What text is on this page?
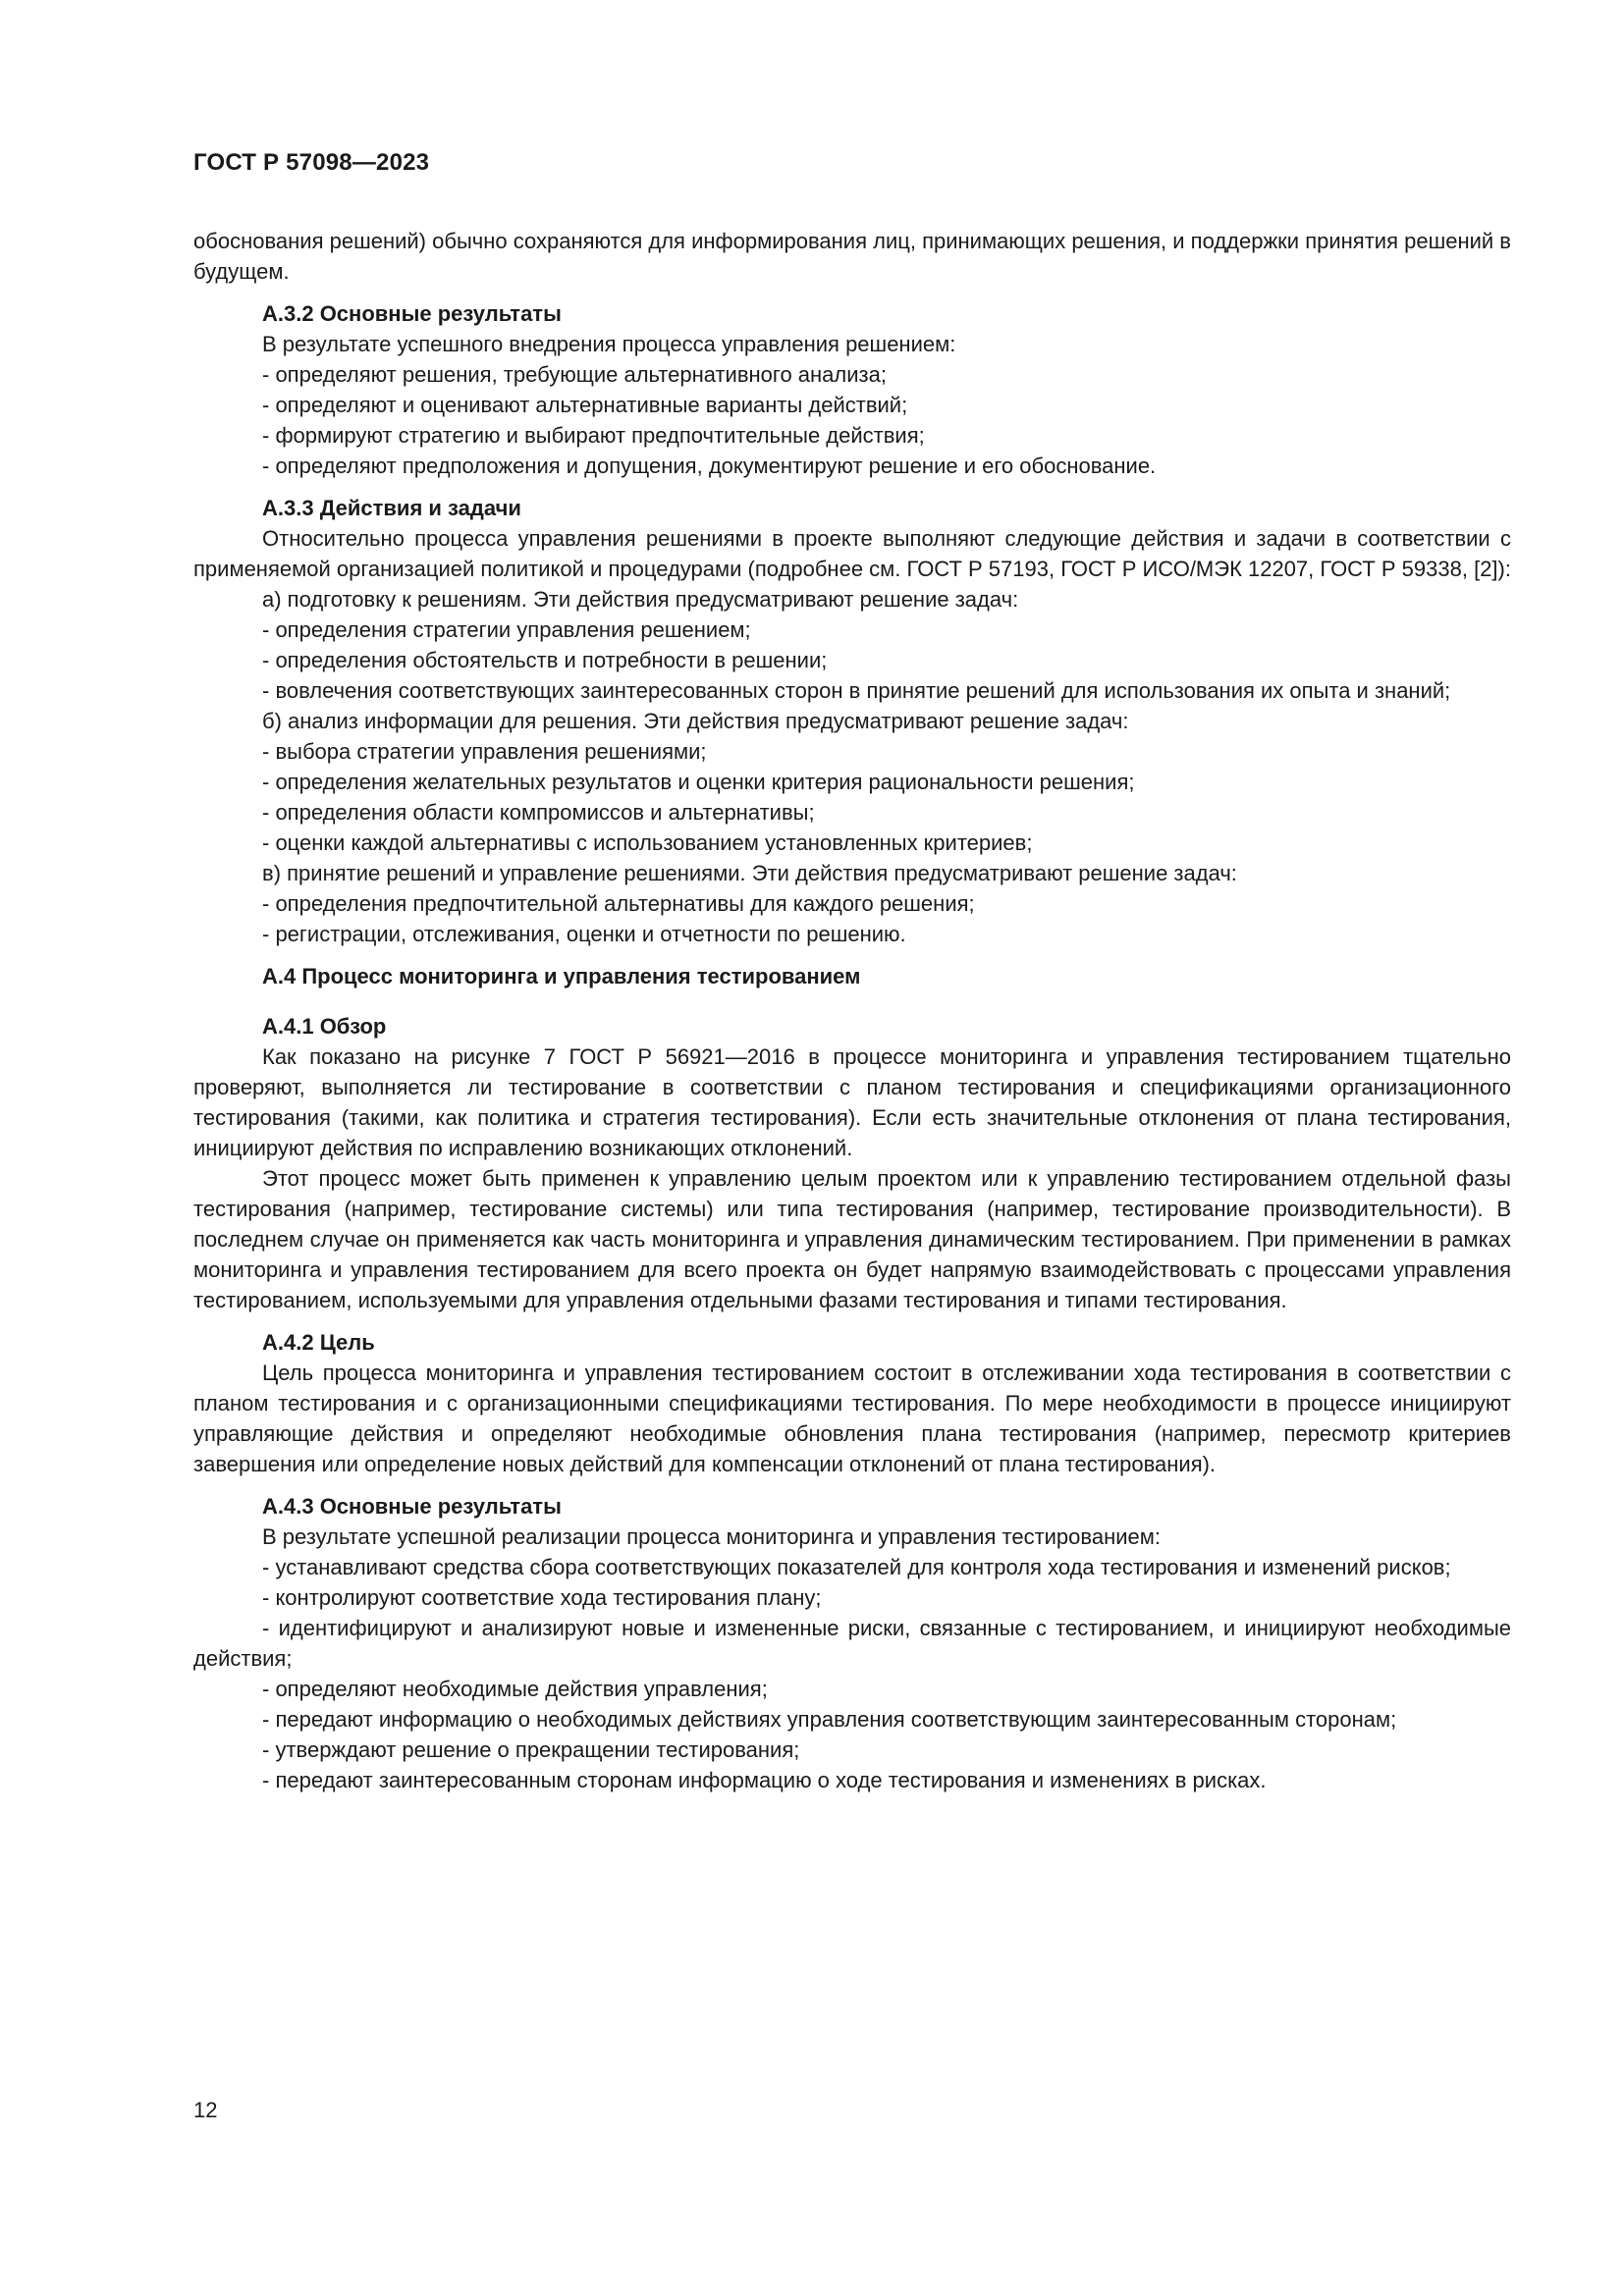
ГОСТ Р 57098—2023

обоснования решений) обычно сохраняются для информирования лиц, принимающих решения, и поддержки принятия решений в будущем.

А.3.2 Основные результаты

В результате успешного внедрения процесса управления решением:

- определяют решения, требующие альтернативного анализа;

- определяют и оценивают альтернативные варианты действий;

- формируют стратегию и выбирают предпочтительные действия;

- определяют предположения и допущения, документируют решение и его обоснование.

А.3.3 Действия и задачи

Относительно процесса управления решениями в проекте выполняют следующие действия и задачи в соответствии с применяемой организацией политикой и процедурами (подробнее см. ГОСТ Р 57193, ГОСТ Р ИСО/МЭК 12207, ГОСТ Р 59338, [2]):

а) подготовку к решениям. Эти действия предусматривают решение задач:

- определения стратегии управления решением;

- определения обстоятельств и потребности в решении;

- вовлечения соответствующих заинтересованных сторон в принятие решений для использования их опыта и знаний;

б) анализ информации для решения. Эти действия предусматривают решение задач:

- выбора стратегии управления решениями;

- определения желательных результатов и оценки критерия рациональности решения;

- определения области компромиссов и альтернативы;

- оценки каждой альтернативы с использованием установленных критериев;

в) принятие решений и управление решениями. Эти действия предусматривают решение задач:

- определения предпочтительной альтернативы для каждого решения;

- регистрации, отслеживания, оценки и отчетности по решению.

А.4 Процесс мониторинга и управления тестированием
А.4.1 Обзор

Как показано на рисунке 7 ГОСТ Р 56921—2016 в процессе мониторинга и управления тестированием тщательно проверяют, выполняется ли тестирование в соответствии с планом тестирования и спецификациями организационного тестирования (такими, как политика и стратегия тестирования). Если есть значительные отклонения от плана тестирования, инициируют действия по исправлению возникающих отклонений.

Этот процесс может быть применен к управлению целым проектом или к управлению тестированием отдельной фазы тестирования (например, тестирование системы) или типа тестирования (например, тестирование производительности). В последнем случае он применяется как часть мониторинга и управления динамическим тестированием. При применении в рамках мониторинга и управления тестированием для всего проекта он будет напрямую взаимодействовать с процессами управления тестированием, используемыми для управления отдельными фазами тестирования и типами тестирования.

А.4.2 Цель

Цель процесса мониторинга и управления тестированием состоит в отслеживании хода тестирования в соответствии с планом тестирования и с организационными спецификациями тестирования. По мере необходимости в процессе инициируют управляющие действия и определяют необходимые обновления плана тестирования (например, пересмотр критериев завершения или определение новых действий для компенсации отклонений от плана тестирования).

А.4.3 Основные результаты

В результате успешной реализации процесса мониторинга и управления тестированием:

- устанавливают средства сбора соответствующих показателей для контроля хода тестирования и изменений рисков;

- контролируют соответствие хода тестирования плану;

- идентифицируют и анализируют новые и измененные риски, связанные с тестированием, и инициируют необходимые действия;

- определяют необходимые действия управления;

- передают информацию о необходимых действиях управления соответствующим заинтересованным сторонам;

- утверждают решение о прекращении тестирования;

- передают заинтересованным сторонам информацию о ходе тестирования и изменениях в рисках.

12
